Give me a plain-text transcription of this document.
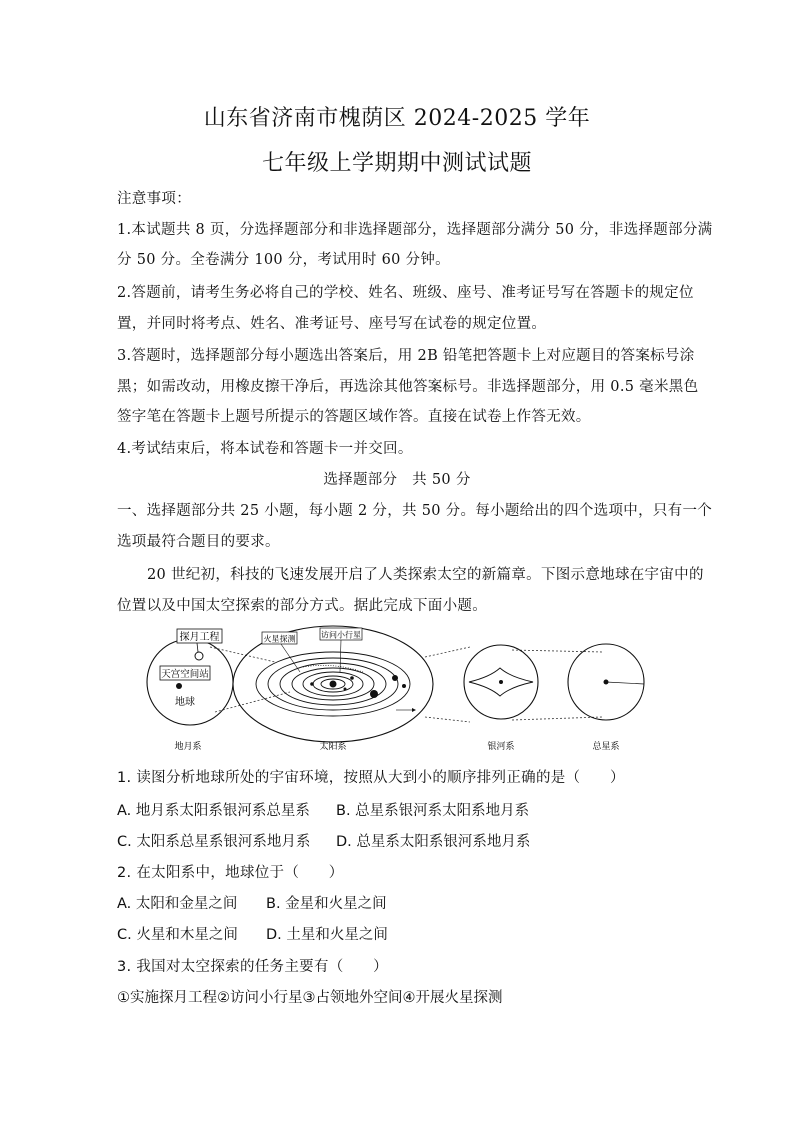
山东省济南市槐荫区 2024-2025 学年
七年级上学期期中测试试题
注意事项：
1.本试题共 8 页，分选择题部分和非选择题部分，选择题部分满分 50 分，非选择题部分满
分 50 分。全卷满分 100 分，考试用时 60 分钟。
2.答题前，请考生务必将自己的学校、姓名、班级、座号、准考证号写在答题卡的规定位
置，并同时将考点、姓名、准考证号、座号写在试卷的规定位置。
3.答题时，选择题部分每小题选出答案后，用 2B 铅笔把答题卡上对应题目的答案标号涂
黑；如需改动，用橡皮擦干净后，再选涂其他答案标号。非选择题部分，用 0.5 毫米黑色
签字笔在答题卡上题号所提示的答题区域作答。直接在试卷上作答无效。
4.考试结束后，将本试卷和答题卡一并交回。
选择题部分　共 50 分
一、选择题部分共 25 小题，每小题 2 分，共 50 分。每小题给出的四个选项中，只有一个
选项最符合题目的要求。
20 世纪初，科技的飞速发展开启了人类探索太空的新篇章。下图示意地球在宇宙中的
位置以及中国太空探索的部分方式。据此完成下面小题。
探月工程
天宫空间站
地球
火星探测	访问小行星
地月系	太阳系	银河系	总星系
1. 读图分析地球所处的宇宙环境，按照从大到小的顺序排列正确的是（　　）
A. 地月系太阳系银河系总星系 B. 总星系银河系太阳系地月系
C. 太阳系总星系银河系地月系 D. 总星系太阳系银河系地月系
2. 在太阳系中，地球位于（　　）
A. 太阳和金星之间 B. 金星和火星之间
C. 火星和木星之间 D. 土星和火星之间
3. 我国对太空探索的任务主要有（　　）
①实施探月工程②访问小行星③占领地外空间④开展火星探测
